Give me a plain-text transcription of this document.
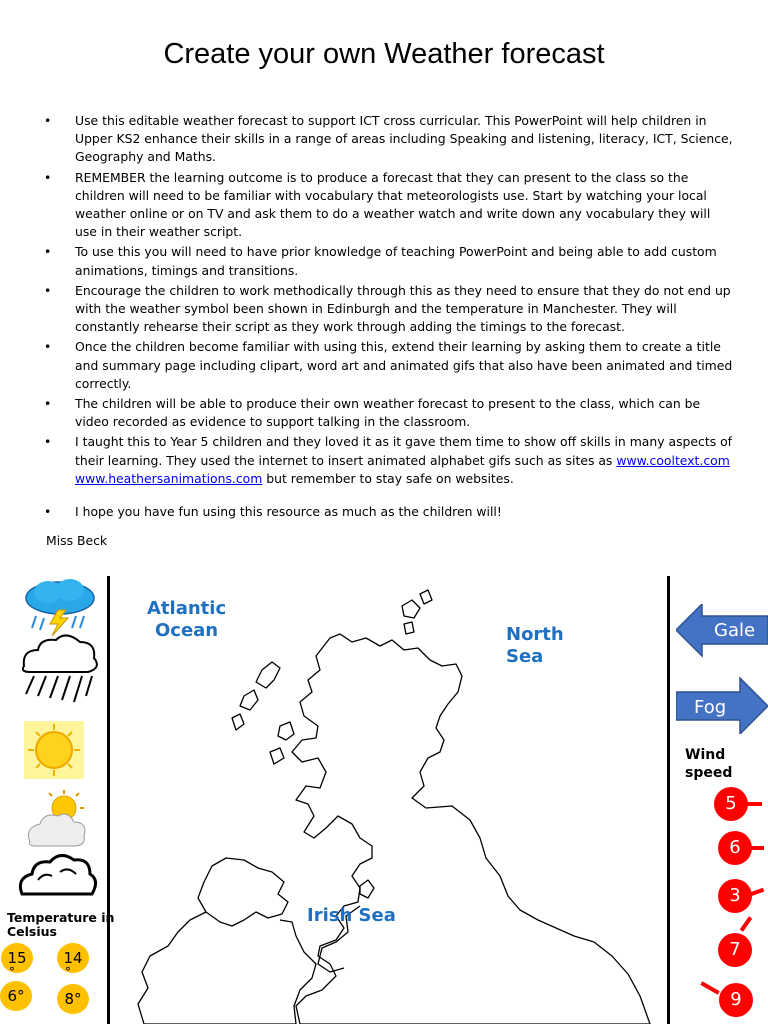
Create your own Weather forecast
• Use this editable weather forecast to support ICT cross curricular. This PowerPoint will help children in Upper KS2 enhance their skills in a range of areas including Speaking and listening, literacy, ICT, Science, Geography and Maths.
• REMEMBER the learning outcome is to produce a forecast that they can present to the class so the children will need to be familiar with vocabulary that meteorologists use. Start by watching your local weather online or on TV and ask them to do a weather watch and write down any vocabulary they will use in their weather script.
• To use this you will need to have prior knowledge of teaching PowerPoint and being able to add custom animations, timings and transitions.
• Encourage the children to work methodically through this as they need to ensure that they do not end up with the weather symbol been shown in Edinburgh and the temperature in Manchester. They will constantly rehearse their script as they work through adding the timings to the forecast.
• Once the children become familiar with using this, extend their learning by asking them to create a title and summary page including clipart, word art and animated gifs that also have been animated and timed correctly.
• The children will be able to produce their own weather forecast to present to the class, which can be video recorded as evidence to support talking in the classroom.
• I taught this to Year 5 children and they loved it as it gave them time to show off skills in many aspects of their learning. They used the internet to insert animated alphabet gifs such as sites as www.cooltext.com www.heathersanimations.com but remember to stay safe on websites.
• I hope you have fun using this resource as much as the children will!
Miss Beck
Atlantic
Ocean	North
Sea
Irish Sea
Temperature in
Celsius
15
°
14
°
6°	8°
Gale
Fog
Wind
speed
5
6
3
7
9
